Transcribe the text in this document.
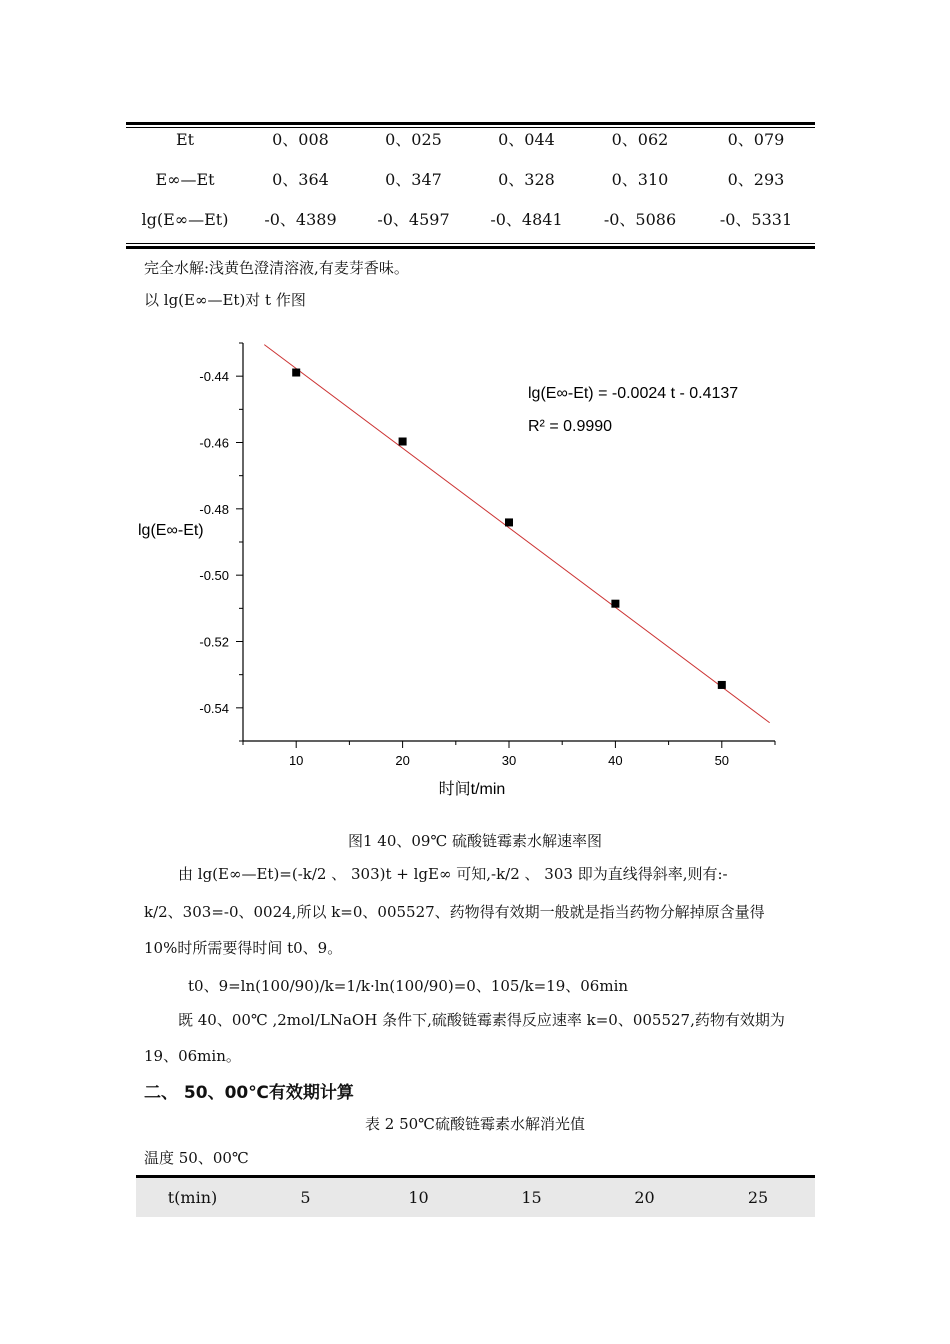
Et	0、008	0、025	0、044	0、062	0、079
E∞—Et	0、364	0、347	0、328	0、310	0、293
lg(E∞—Et)	-0、4389	-0、4597	-0、4841	-0、5086	-0、5331
完全水解:浅黄色澄清溶液,有麦芽香味。
以 lg(E∞—Et)对 t 作图
10	20	30	40	50
-0.44
-0.46
-0.48
-0.50
-0.52
-0.54
lg(E∞-Et) = -0.0024 t - 0.4137
R² = 0.9990
lg(E∞-Et)
时间t/min
图1 40、09℃ 硫酸链霉素水解速率图
由 lg(E∞—Et)=(-k/2 、 303)t + lgE∞ 可知,-k/2 、 303 即为直线得斜率,则有:-
k/2、303=-0、0024,所以 k=0、005527、药物得有效期一般就是指当药物分解掉原含量得
10%时所需要得时间 t0、9。
t0、9=ln(100/90)/k=1/k·ln(100/90)=0、105/k=19、06min
既 40、00℃ ,2mol/LNaOH 条件下,硫酸链霉素得反应速率 k=0、005527,药物有效期为
19、06min。
二、 50、00℃有效期计算
表 2 50℃硫酸链霉素水解消光值
温度 50、00℃
t(min)	5	10	15	20	25
